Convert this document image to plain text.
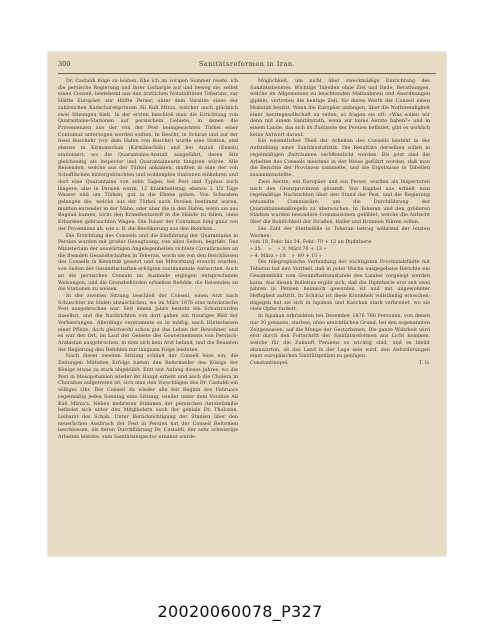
300	Sanitätsreformen in Iran.

Dr. Castaldi folge zu leisten. Ehe ich im vorigen Sommer reiste, ich die persische Regierung und ihrer Lethargie auf und bewog sie, selbst einen Conseil, bestehend aus den ärztlichen Notabilitäten Teherans, zur Hälfte Europäer, zur Hälfte Perser, unter dem Vorsitze eines der zahlreichen Kadscharenprinzen Ali Kuli Mirza, welcher auch glücklich zwei Sitzungen hielt. In der ersten beschloß man die Errichtung von Quarantaine-Stationen auf persischem Gebiete, in denen die Provenienzen aus der von der Pest heimgesuchten Türkei einer Contumaz unterzogen werden sollten. In Rescht, in Schiras und auf der Insel Buschehr (vor dem Hafen von Buschir) wurde eine Station, und ebenso in Kirmanschah (Kirmânschâh) und bei Anzali (Enzeli) stationiert, wo die Quarantaine-Anstalt ausgeführt, deren Sitz gleichzeitig als Inspector und Quarantaineartz fungiren würde. Alle Reisenden, welche aus der Türkei ankamen, mußten in eine der von Schafflächen hintergebrachten und wohlenpfen Stationen einkehren und dort eine Quarantaine von zehn Tagen, bei Pest und Typhus auch längere, also in Persien warm, 12 Krankheitstag, ebenso 2 1/2 Tage Wasser und um Türken, gut in die Ebene gehen. Von Schwaben gelangen die, welche aus der Türkei nach Persien bestimmt waren, mußten entweder in der Nähe, oder aber die in den Hafen, wenn sie aus Bagdad kamen, nicht den Krankheitsstoff in die Hände zu fallen, ohne Erbarmen gebrauchten Wagen. Die Dauer der Contumaz hing ganz von der Provenienz ab, wie z. B. die Bevölkerung aus den Bezirken...

Die Errichtung des Conseils und die Einführung der Quarantaine in Persien wurden mit großer Genugtuung, von allen Seiten, begrüßt. Das Ministerium der auswärtigen Angelegenheiten richtete Circulärnoten an die fremden Gesandtschaften in Teheran, worin sie von den Beschlüssen des Conseils in Kenntniß gesetzt und um Mitwirkung ersucht wurden; von Seiten der Gesandtschaften erfolgten zustimmende Antworten. Auch an die persischen Consuln im Auslande ergingen entsprechende Weisungen, und die Grenzbehörden erhielten Befehle, die Reisenden an die Stationen zu weisen.

In der zweiten Sitzung beschloß der Conseil, einen Arzt nach Schuschter im Süden abzuschicken, wo im März 1876 eine mörderische Pest ausgebrochen war. Seit einem Jahre besteht ein Schutzcordon daselbst, und die Nachrichten von dort gaben ein trauriges Bild der Verheerungen. Allerdings verstummte es in mäßig, nach Hinterlassen einer Pfütze, doch gleichwohl schon gut das Leben der Bewohner, und es war der Ort, im Lauf der Gebiete des Gouvernements von Persisch-Arabistan ausgebrochen, in dem sich kein Arzt befand, und die Beamten der Regierung den Befehlen nur langsam Folge leisteten.

Nach dieser zweiten Sitzung schließ der Conseil leise ein; die Zeitungen Mitteilen Erfolgs hatten den Reformeifer des Königs der Könige etwas zu stark abgekühlt. Erst seit Anfang dieses Jahres, wo die Pest in Mesopotamien wieder ihr Haupt erhebt und auch die Cholera in Choraßan aufgetreten ist, sich man den Vorschlägen des Dr. Castaldi ein williges Ohr. Der Conseil da wieder alle feit Beginn des Februars regelmäßig jeden Sonntag eine Sitzung, wieder unter dem Vorsitze Ali Kuli Mirza's. Neben mehreren Stimmen der persischen Aerztefamilie befindet sich unter den Mitgliedern auch der geniale Dr. Tholozan, Leibarzt des Schah. Unter Berücksichtigung der Studien über den neuerlichen Ausbruch der Pest in Persien hat der Conseil Reformen beschlossen, als deren Durchführung Dr. Castaldi, der sehr schwierige Arbeiten leistete, zum Sanitätsinspector ernannt wurde.

Möglichkeit, um nicht über zweckmäßige Einrichtung des Sanitätsdienstes. Wichtige Tabellen ohne Ziel und Ende, Berathungen, welche im Allgemeinen zu beachtenden Maßnahmen und Anordnungen gipfeln, vertreten die heutige Zeit, für deren Werth der Conseil einen Maßstab besitzt. Wenn die Europäer anfangen, über die Nothwendigkeit einer Aerztegesellschaft zu reden, so fragen sie oft: »Was sollen wir denn mit einem Sanitätsrath, wenn wir keine Aerzte haben?« und in einem Lande, das sich im Zustande der Persien befindet, gibt es wirklich keine Antwort darauf.

Ein wesentlicher Theil der Arbeiten des Conseils besteht in der Aufstellung einer Sanitätsstatistik. Die Resultate derselben sollen in regelmäßigen Zeiträumen veröffentlicht werden. Bis jetzt sind die Arbeiten des Conseils meistens in der Weise geführt worden, daß man die Berichte der Provinzen sammelte, und die Ergebnisse in Tabellen zusammenstellte.

Zwei Aerzte, ein Europäer und ein Perser, wurden als Inspectoren nach den Grenzprovinzen gesandt. Von Bagdad aus erhielt man regelmäßige Nachrichten über den Stand der Pest, und die Regierung entsandte Commissäre, um die Durchführung der Quarantainemaßregeln zu überwachen. In Teheran und den größeren Städten wurden besondere Commissionen gebildet, welche die Aufsicht über die Reinlichkeit der Straßen, Bäder und Brunnen führen sollen.

Die Zahl der Sterbefälle in Teheran betrug während der letzten Wochen:

vom 18. Febr. bis 24. Febr. 79 + 12 an Diphtherie

» 25.    »    » 3. März 76 + 13 »

» 4. März » 10.   »  69 + 15 »

Die telegraphische Verbindung der wichtigsten Provinzialstädte mit Teheran hat den Vortheil, daß in jeder Woche ausgegebene Berichte ein Gesammtbild vom Gesundheitszustande des Landes vorgelegt werden kann. Aus diesen Bulletins ergibt sich, daß die Diphtherie erst seit zwei Jahren in Persien heimisch geworden ist und mit ungewohnter Heftigkeit auftritt. In Schiraz ist diese Krankheit vollständig erloschen; dagegen hat sie sich in Ispahan und Kaschan stark verbreitet, wo sie viele Opfer fordert.

In Ispahan erkrankten bei Dezember 1876 760 Personen, von denen nur 30 genasen, starben, ohne ersichtlichen Grund, bei den sogenannten Zeitgenossen, auf die Menge der Gestorbenen. Die ganze Wahrheit wird erst durch den Fortschritt der Sanitätsreformen ans Licht kommen, welche für die Zukunft Persiens so wichtig sind, und es bleibt abzuwarten, ob das Land in der Lage sein wird, den Anforderungen einer europäischen Sanitätspolizei zu genügen.

Constantinopel.	T. O.
20020060078_P327
